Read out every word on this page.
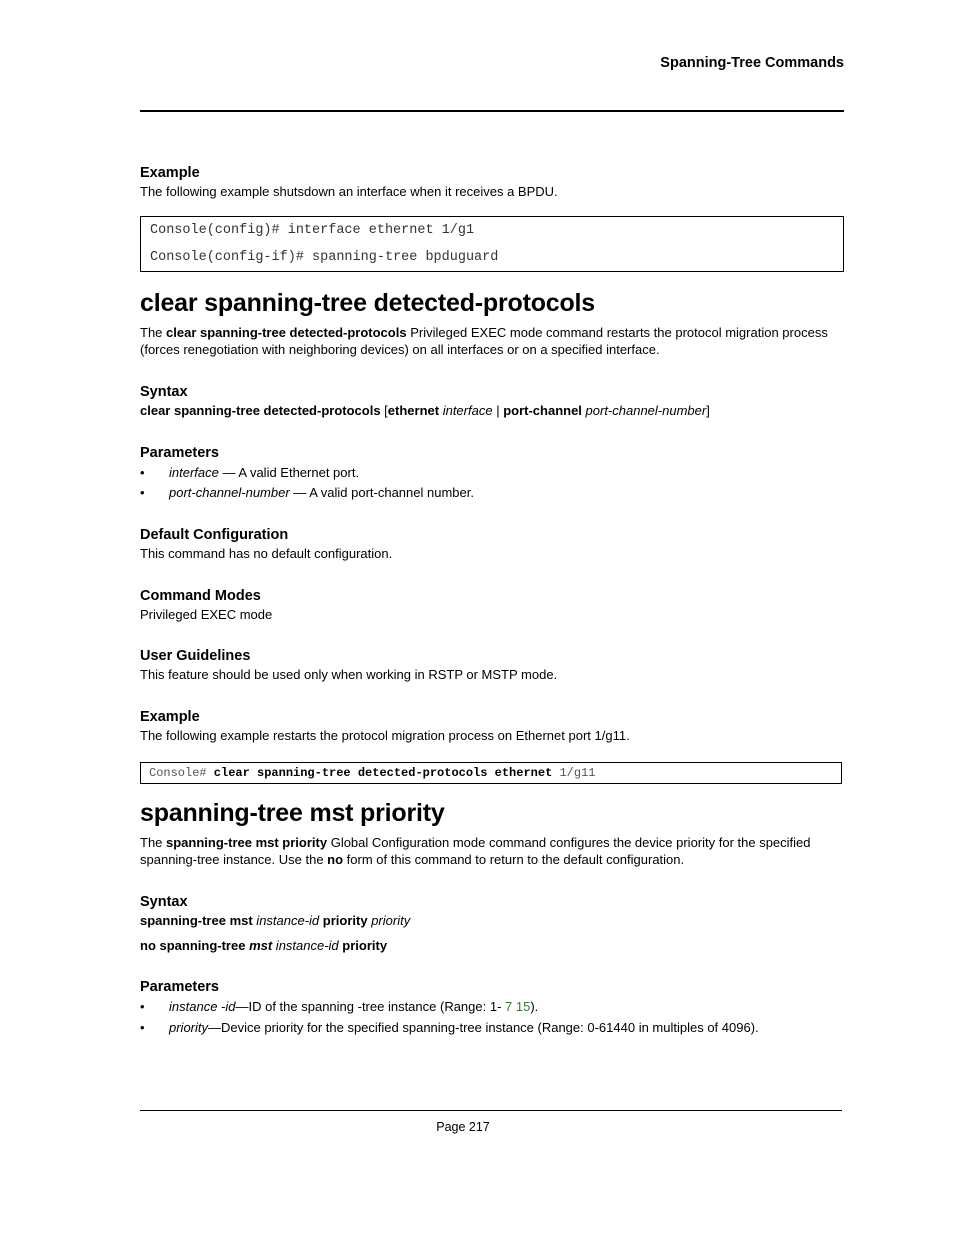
Spanning-Tree Commands
Example

The following example shutsdown an interface when it receives a BPDU.

Console(config)# interface ethernet 1/g1
Console(config-if)# spanning-tree bpduguard
clear spanning-tree detected-protocols

The clear spanning-tree detected-protocols Privileged EXEC mode command restarts the protocol migration process (forces renegotiation with neighboring devices) on all interfaces or on a specified interface.

Syntax

clear spanning-tree detected-protocols [ethernet interface | port-channel port-channel-number]

Parameters
• interface — A valid Ethernet port.
• port-channel-number — A valid port-channel number.
Default Configuration

This command has no default configuration.

Command Modes

Privileged EXEC mode

User Guidelines

This feature should be used only when working in RSTP or MSTP mode.

Example

The following example restarts the protocol migration process on Ethernet port 1/g11.

Console# clear spanning-tree detected-protocols ethernet 1/g11
spanning-tree mst priority

The spanning-tree mst priority Global Configuration mode command configures the device priority for the specified spanning-tree instance. Use the no form of this command to return to the default configuration.

Syntax

spanning-tree mst instance-id priority priority

no spanning-tree mst instance-id priority

Parameters
• instance -id—ID of the spanning -tree instance (Range: 1- 7 15).
• priority—Device priority for the specified spanning-tree instance (Range: 0-61440 in multiples of 4096).
Page 217
